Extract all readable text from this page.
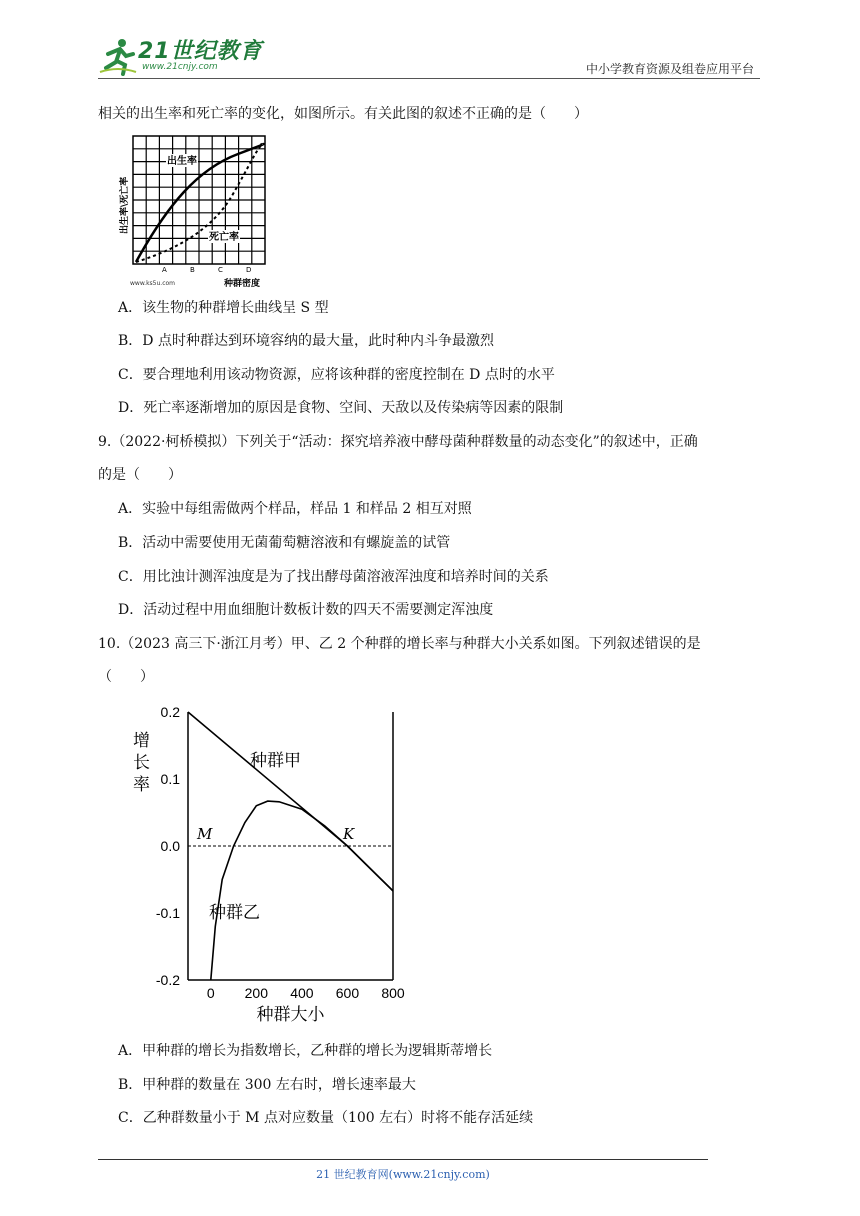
21世纪教育
www.21cnjy.com	中小学教育资源及组卷应用平台
相关的出生率和死亡率的变化，如图所示。有关此图的叙述不正确的是（　　）
出生率
死亡率
出生率\死亡率
A	B	C	D
www.ks5u.com	种群密度
A．该生物的种群增长曲线呈 S 型
B．D 点时种群达到环境容纳的最大量，此时种内斗争最激烈
C．要合理地利用该动物资源，应将该种群的密度控制在 D 点时的水平
D．死亡率逐渐增加的原因是食物、空间、天敌以及传染病等因素的限制
9.（2022·柯桥模拟）下列关于“活动：探究培养液中酵母菌种群数量的动态变化”的叙述中，正确
的是（　　）
A．实验中每组需做两个样品，样品 1 和样品 2 相互对照
B．活动中需要使用无菌葡萄糖溶液和有螺旋盖的试管
C．用比浊计测浑浊度是为了找出酵母菌溶液浑浊度和培养时间的关系
D．活动过程中用血细胞计数板计数的四天不需要测定浑浊度
10.（2023 高三下·浙江月考）甲、乙 2 个种群的增长率与种群大小关系如图。下列叙述错误的是
（　　）
0.2
0.1
0.0
-0.1
-0.2
0 200 400 600 800
种群甲
种群乙
M	K
增
长
率
种群大小
A．甲种群的增长为指数增长，乙种群的增长为逻辑斯蒂增长
B．甲种群的数量在 300 左右时，增长速率最大
C．乙种群数量小于 M 点对应数量（100 左右）时将不能存活延续
21 世纪教育网(www.21cnjy.com)
